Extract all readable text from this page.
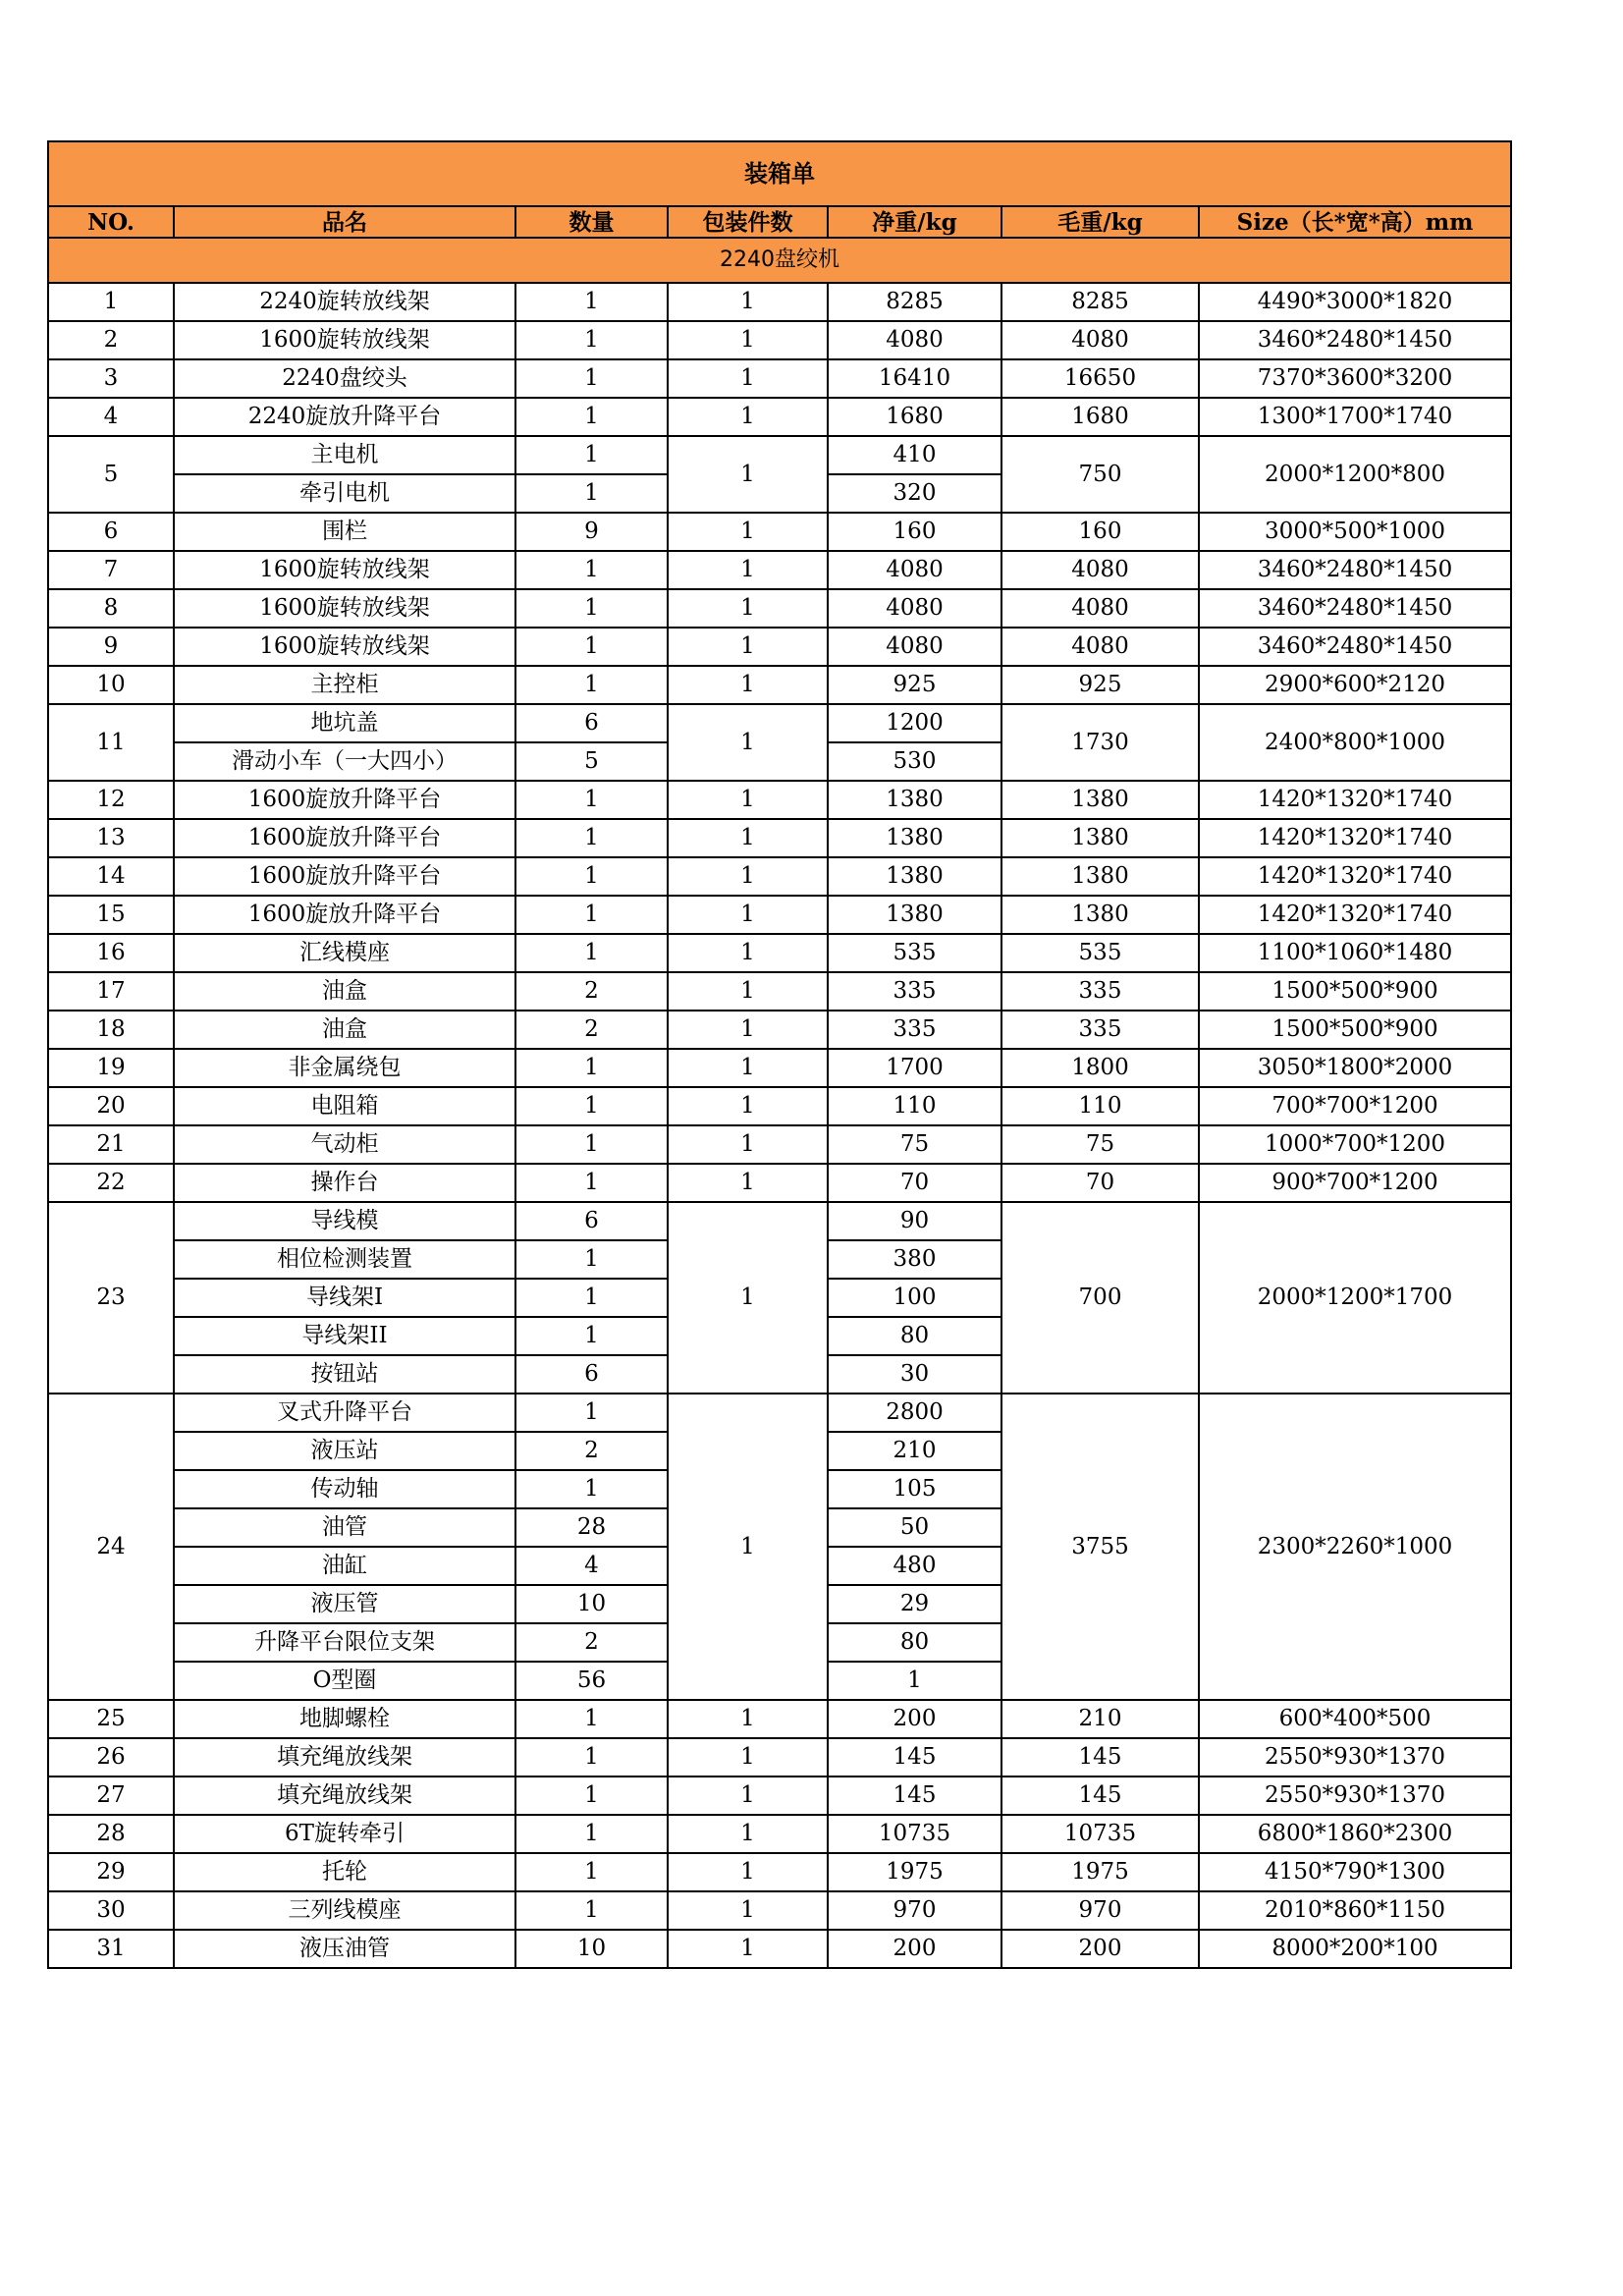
装箱单						
NO.	品名	数量	包装件数	净重/kg	毛重/kg	Size（长*宽*高）mm
2240盘绞机						
1	2240旋转放线架	1	1	8285	8285	4490*3000*1820
2	1600旋转放线架	1	1	4080	4080	3460*2480*1450
3	2240盘绞头	1	1	16410	16650	7370*3600*3200
4	2240旋放升降平台	1	1	1680	1680	1300*1700*1740
5	主电机	1	1	410	750	2000*1200*800
	牵引电机	1		320		
6	围栏	9	1	160	160	3000*500*1000
7	1600旋转放线架	1	1	4080	4080	3460*2480*1450
8	1600旋转放线架	1	1	4080	4080	3460*2480*1450
9	1600旋转放线架	1	1	4080	4080	3460*2480*1450
10	主控柜	1	1	925	925	2900*600*2120
11	地坑盖	6	1	1200	1730	2400*800*1000
	滑动小车（一大四小）	5		530		
12	1600旋放升降平台	1	1	1380	1380	1420*1320*1740
13	1600旋放升降平台	1	1	1380	1380	1420*1320*1740
14	1600旋放升降平台	1	1	1380	1380	1420*1320*1740
15	1600旋放升降平台	1	1	1380	1380	1420*1320*1740
16	汇线模座	1	1	535	535	1100*1060*1480
17	油盒	2	1	335	335	1500*500*900
18	油盒	2	1	335	335	1500*500*900
19	非金属绕包	1	1	1700	1800	3050*1800*2000
20	电阻箱	1	1	110	110	700*700*1200
21	气动柜	1	1	75	75	1000*700*1200
22	操作台	1	1	70	70	900*700*1200
23	导线模	6	1	90	700	2000*1200*1700
	相位检测装置	1		380		
	导线架I	1		100		
	导线架II	1		80		
	按钮站	6		30		
24	叉式升降平台	1	1	2800	3755	2300*2260*1000
	液压站	2		210		
	传动轴	1		105		
	油管	28		50		
	油缸	4		480		
	液压管	10		29		
	升降平台限位支架	2		80		
	O型圈	56		1		
25	地脚螺栓	1	1	200	210	600*400*500
26	填充绳放线架	1	1	145	145	2550*930*1370
27	填充绳放线架	1	1	145	145	2550*930*1370
28	6T旋转牵引	1	1	10735	10735	6800*1860*2300
29	托轮	1	1	1975	1975	4150*790*1300
30	三列线模座	1	1	970	970	2010*860*1150
31	液压油管	10	1	200	200	8000*200*100
